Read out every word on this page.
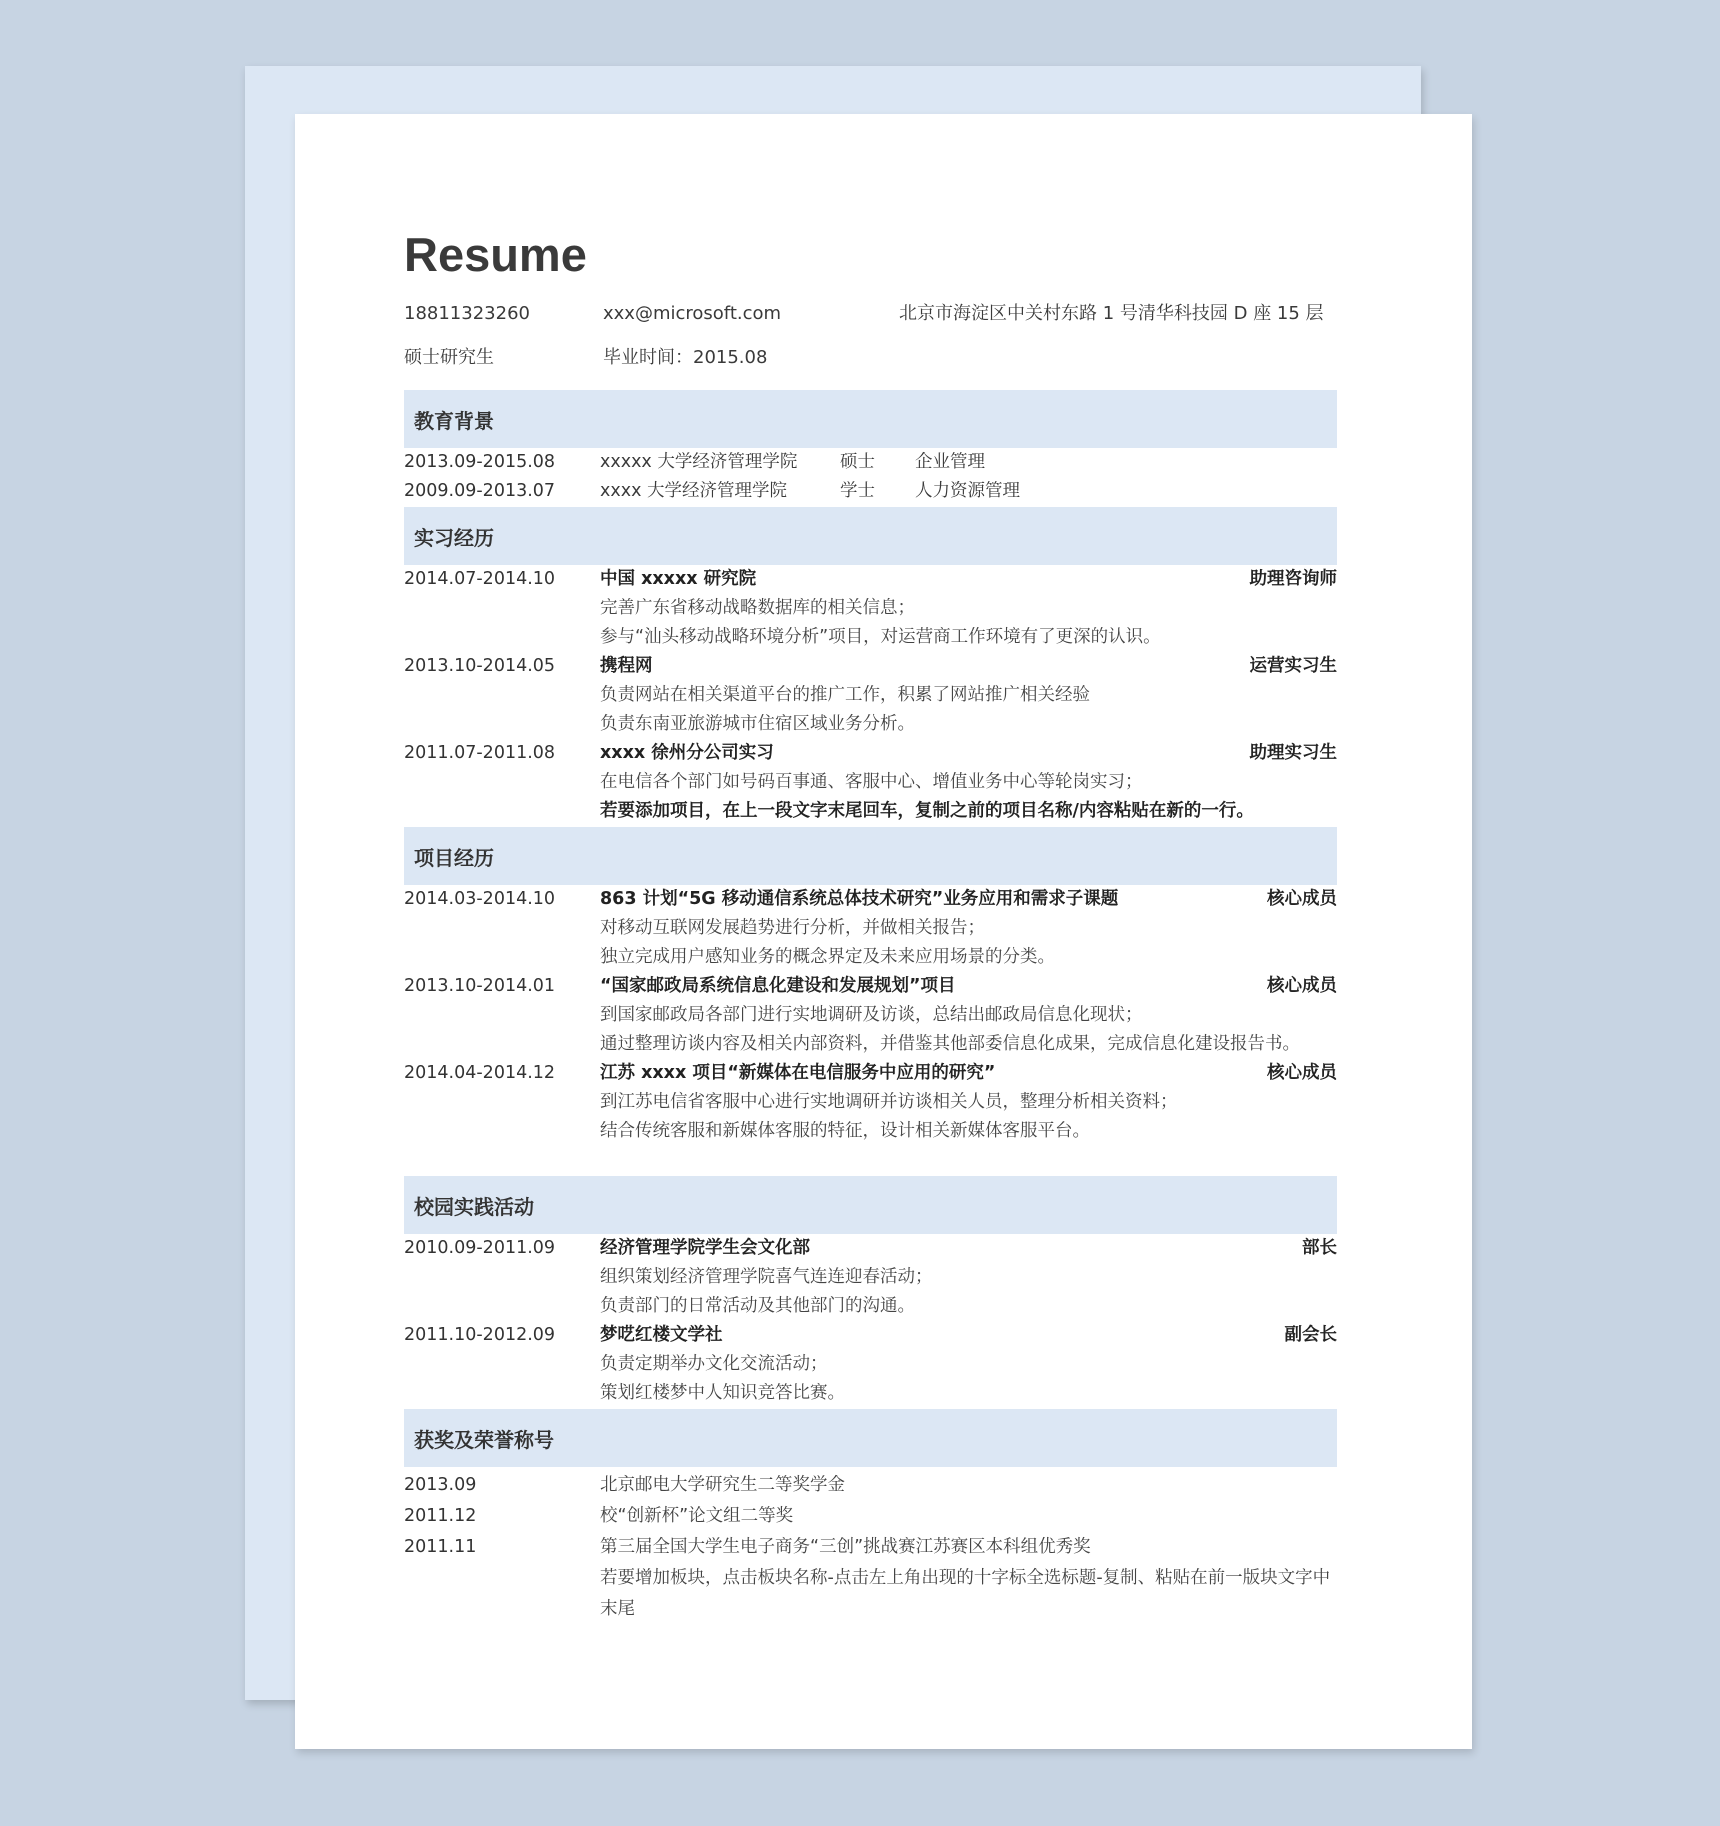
Resume
18811323260	xxx@microsoft.com	北京市海淀区中关村东路 1 号清华科技园 D 座 15 层
硕士研究生	毕业时间：2015.08
教育背景
2013.09-2015.08	xxxxx 大学经济管理学院 硕士 企业管理
2009.09-2013.07	xxxx 大学经济管理学院	学士 人力资源管理
实习经历
2014.07-2014.10	中国 xxxxx 研究院	助理咨询师
完善广东省移动战略数据库的相关信息；
参与“汕头移动战略环境分析”项目，对运营商工作环境有了更深的认识。
2013.10-2014.05	携程网	运营实习生
负责网站在相关渠道平台的推广工作，积累了网站推广相关经验
负责东南亚旅游城市住宿区域业务分析。
2011.07-2011.08	xxxx 徐州分公司实习	助理实习生
在电信各个部门如号码百事通、客服中心、增值业务中心等轮岗实习；
若要添加项目，在上一段文字末尾回车，复制之前的项目名称/内容粘贴在新的一行。
项目经历
2014.03-2014.10	863 计划“5G 移动通信系统总体技术研究”业务应用和需求子课题	核心成员
对移动互联网发展趋势进行分析，并做相关报告；
独立完成用户感知业务的概念界定及未来应用场景的分类。
2013.10-2014.01	“国家邮政局系统信息化建设和发展规划”项目	核心成员
到国家邮政局各部门进行实地调研及访谈，总结出邮政局信息化现状；
通过整理访谈内容及相关内部资料，并借鉴其他部委信息化成果，完成信息化建设报告书。
2014.04-2014.12	江苏 xxxx 项目“新媒体在电信服务中应用的研究”	核心成员
到江苏电信省客服中心进行实地调研并访谈相关人员，整理分析相关资料；
结合传统客服和新媒体客服的特征，设计相关新媒体客服平台。
校园实践活动
2010.09-2011.09	经济管理学院学生会文化部	部长
组织策划经济管理学院喜气连连迎春活动；
负责部门的日常活动及其他部门的沟通。
2011.10-2012.09	梦呓红楼文学社	副会长
负责定期举办文化交流活动；
策划红楼梦中人知识竞答比赛。
获奖及荣誉称号
2013.09	北京邮电大学研究生二等奖学金
2011.12	校“创新杯”论文组二等奖
2011.11	第三届全国大学生电子商务“三创”挑战赛江苏赛区本科组优秀奖
若要增加板块，点击板块名称-点击左上角出现的十字标全选标题-复制、粘贴在前一版块文字中末尾
